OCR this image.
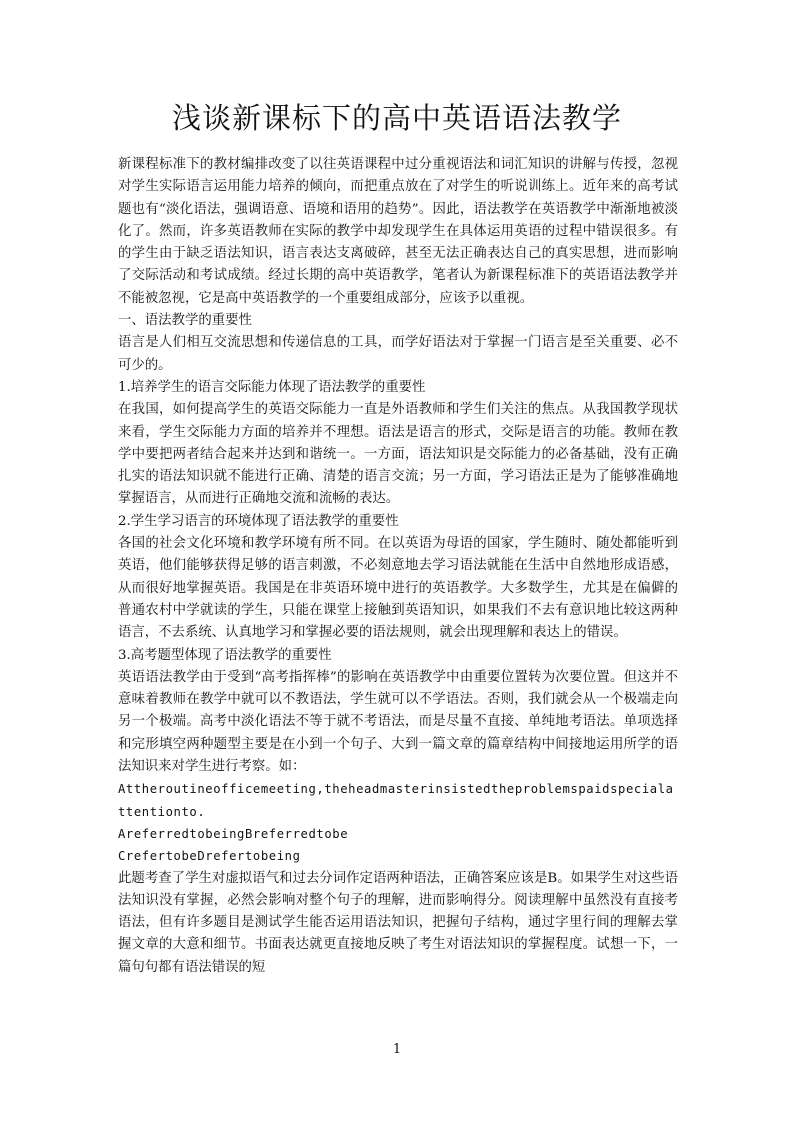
浅谈新课标下的高中英语语法教学

新课程标准下的教材编排改变了以往英语课程中过分重视语法和词汇知识的讲解与传授，忽视对学生实际语言运用能力培养的倾向，而把重点放在了对学生的听说训练上。近年来的高考试题也有“淡化语法，强调语意、语境和语用的趋势”。因此，语法教学在英语教学中渐渐地被淡化了。然而，许多英语教师在实际的教学中却发现学生在具体运用英语的过程中错误很多。有的学生由于缺乏语法知识，语言表达支离破碎，甚至无法正确表达自己的真实思想，进而影响了交际活动和考试成绩。经过长期的高中英语教学，笔者认为新课程标准下的英语语法教学并不能被忽视，它是高中英语教学的一个重要组成部分，应该予以重视。

一、语法教学的重要性

语言是人们相互交流思想和传递信息的工具，而学好语法对于掌握一门语言是至关重要、必不可少的。

1.培养学生的语言交际能力体现了语法教学的重要性

在我国，如何提高学生的英语交际能力一直是外语教师和学生们关注的焦点。从我国教学现状来看，学生交际能力方面的培养并不理想。语法是语言的形式，交际是语言的功能。教师在教学中要把两者结合起来并达到和谐统一。一方面，语法知识是交际能力的必备基础，没有正确扎实的语法知识就不能进行正确、清楚的语言交流；另一方面，学习语法正是为了能够准确地掌握语言，从而进行正确地交流和流畅的表达。

2.学生学习语言的环境体现了语法教学的重要性

各国的社会文化环境和教学环境有所不同。在以英语为母语的国家，学生随时、随处都能听到英语，他们能够获得足够的语言刺激，不必刻意地去学习语法就能在生活中自然地形成语感，从而很好地掌握英语。我国是在非英语环境中进行的英语教学。大多数学生，尤其是在偏僻的普通农村中学就读的学生，只能在课堂上接触到英语知识，如果我们不去有意识地比较这两种语言，不去系统、认真地学习和掌握必要的语法规则，就会出现理解和表达上的错误。

3.高考题型体现了语法教学的重要性

英语语法教学由于受到“高考指挥棒”的影响在英语教学中由重要位置转为次要位置。但这并不意味着教师在教学中就可以不教语法，学生就可以不学语法。否则，我们就会从一个极端走向另一个极端。高考中淡化语法不等于就不考语法，而是尽量不直接、单纯地考语法。单项选择和完形填空两种题型主要是在小到一个句子、大到一篇文章的篇章结构中间接地运用所学的语法知识来对学生进行考察。如：

Attheroutineofficemeeting,theheadmasterinsistedtheproblemspaidspecialattentionto.

AreferredtobeingBreferredtobe

CrefertobeDrefertobeing

此题考查了学生对虚拟语气和过去分词作定语两种语法，正确答案应该是B。如果学生对这些语法知识没有掌握，必然会影响对整个句子的理解，进而影响得分。阅读理解中虽然没有直接考语法，但有许多题目是测试学生能否运用语法知识，把握句子结构，通过字里行间的理解去掌握文章的大意和细节。书面表达就更直接地反映了考生对语法知识的掌握程度。试想一下，一篇句句都有语法错误的短

1
